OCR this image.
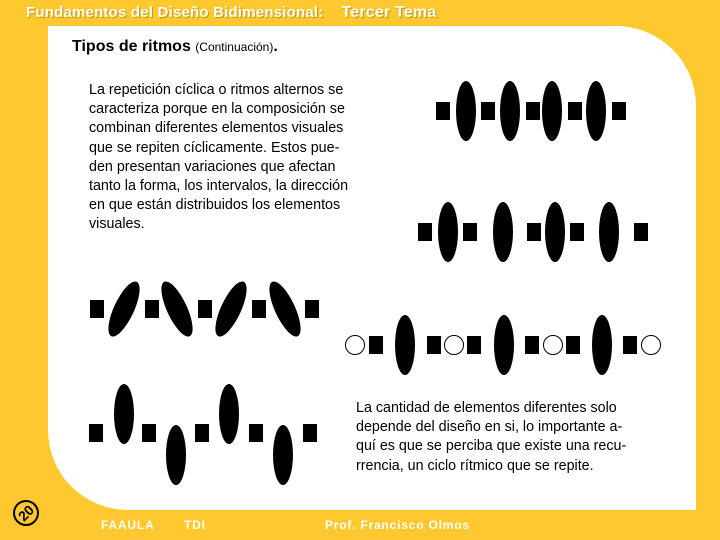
Fundamentos del Diseño Bidimensional: Tercer Tema
Tipos de ritmos (Continuación).
La repetición cíclica o ritmos alternos se
caracteriza porque en la composición se
combinan diferentes elementos visuales
que se repiten cíclicamente. Estos pue-
den presentan variaciones que afectan
tanto la forma, los intervalos, la dirección
en que están distribuidos los elementos
visuales.
La cantidad de elementos diferentes solo
depende del diseño en si, lo importante a-
quí es que se perciba que existe una recu-
rrencia, un ciclo rítmico que se repite.
20
FAAULA TDI	Prof. Francisco Olmos
